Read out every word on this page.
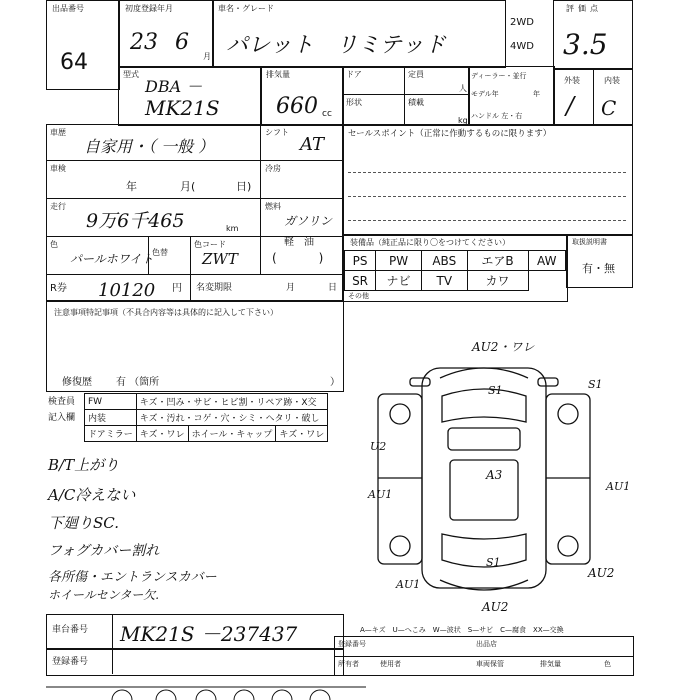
出品番号
64
初度登録年月
23 6
月
車名・グレード
パレット　リミテッド
2WD
4WD
評価点
3.5
外装	内装
/ C
型式
DBA －
MK21S
排気量
660 cc
ドア	定員
人
形状	積載
kg
ディーラー・並行
モデル年	年
ハンドル 左・右
車歴
自家用・（ 一般 ）
シフト
AT
車検
年	月(	日)
冷房
走行
9万6千465	km
燃料
ガソリン
軽　油
(           )
色
パールホワイト
色替
色コード
ZWT
R券 10120 円 名変期限	月	日
セールスポイント（正常に作動するものに限ります）
装備品（純正品に限り〇をつけてください）
PS	PW	ABS	エアB	AW
SR	ナビ	TV	カワ	
取扱説明書
有・無
その他
注意事項特記事項（不具合内容等は具体的に記入して下さい）
修復歴 有 （箇所	）
検査員
記入欄
FW	キズ・凹み・サビ・ヒビ割・リペア跡・X交		
内装	キズ・汚れ・コゲ・穴・シミ・ヘタリ・破し		
ドアミラー	キズ・ワレ	ホイール・キャップ	キズ・ワレ
B/T上がり
A/C冷えない
下廻りSC.
フォグカバー割れ
各所傷・エントランスカバー
ホイールセンター欠.
AU2・ワレ
S1	S1
U2
AU1
A3
AU1
S1
AU1
AU2
AU2
A—キズ　U—へこみ　W—波状　S—サビ　C—腐食　XX—交換
車台番号 MK21S －237437
登録番号
登録番号
所有者	使用者
出品店
車両保管	排気量	色
